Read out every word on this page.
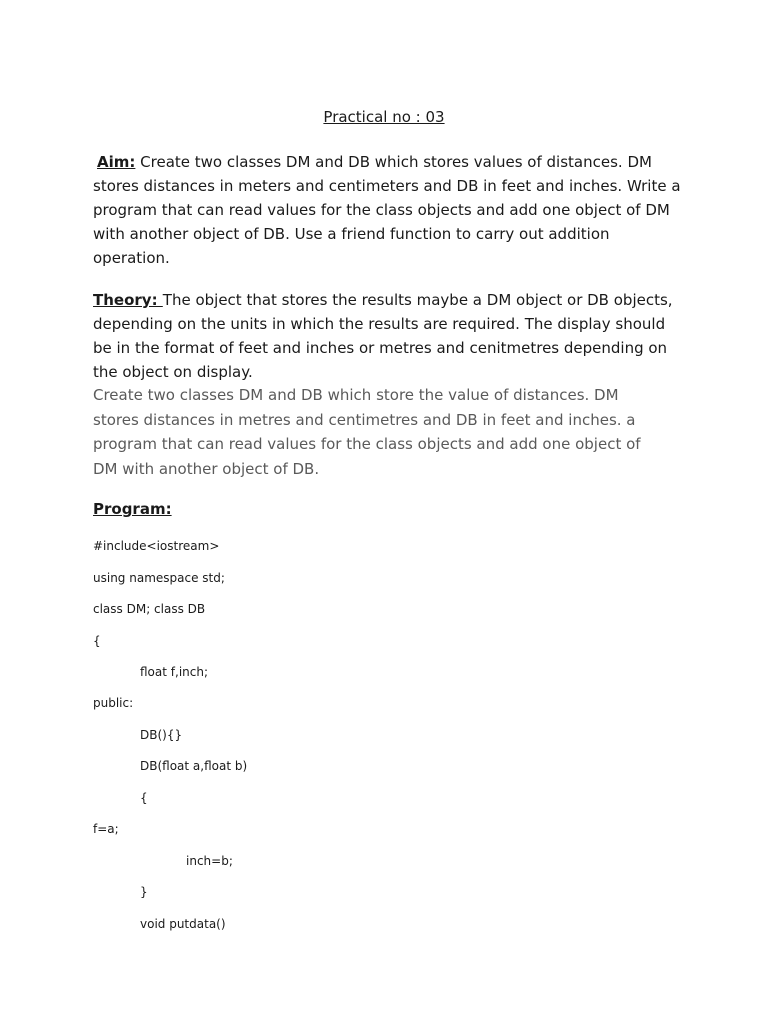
Practical no : 03
Aim: Create two classes DM and DB which stores values of distances. DM
stores distances in meters and centimeters and DB in feet and inches. Write a
program that can read values for the class objects and add one object of DM
with another object of DB. Use a friend function to carry out addition
operation.
Theory: The object that stores the results maybe a DM object or DB objects,
depending on the units in which the results are required. The display should
be in the format of feet and inches or metres and cenitmetres depending on
the object on display.
Create two classes DM and DB which store the value of distances. DM
stores distances in metres and centimetres and DB in feet and inches. a
program that can read values for the class objects and add one object of
DM with another object of DB.
Program:
#include<iostream>
using namespace std;
class DM; class DB
{
float f,inch;
public:
DB(){}
DB(float a,float b)
{
f=a;
inch=b;
}
void putdata()
